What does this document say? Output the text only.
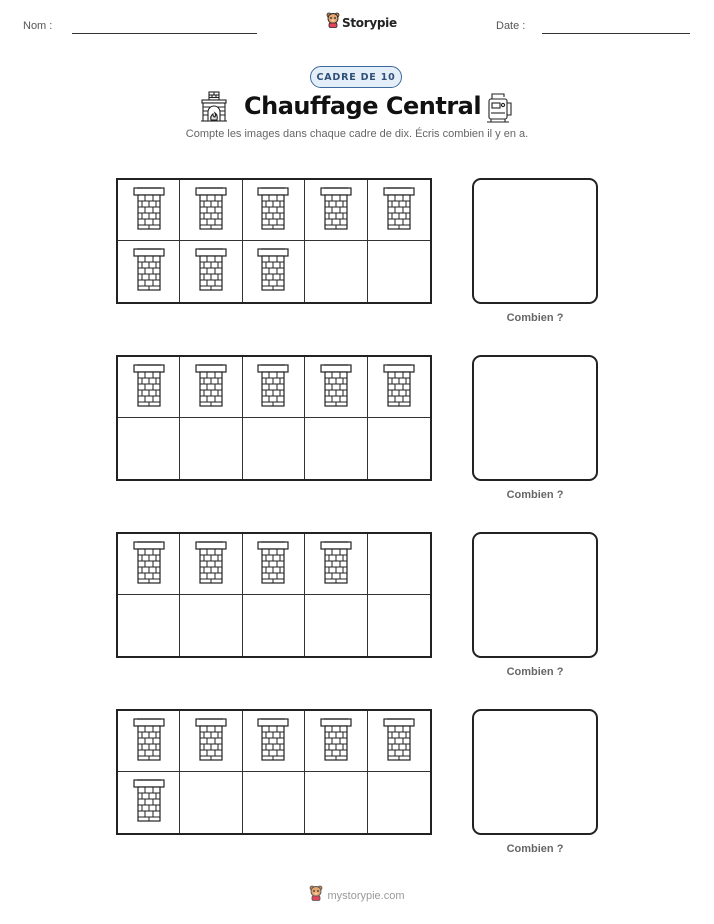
Nom :	Storypie	Date :
CADRE DE 10
Chauffage Central
Compte les images dans chaque cadre de dix. Écris combien il y en a.
Combien ?
Combien ?
Combien ?
Combien ?
mystorypie.com
